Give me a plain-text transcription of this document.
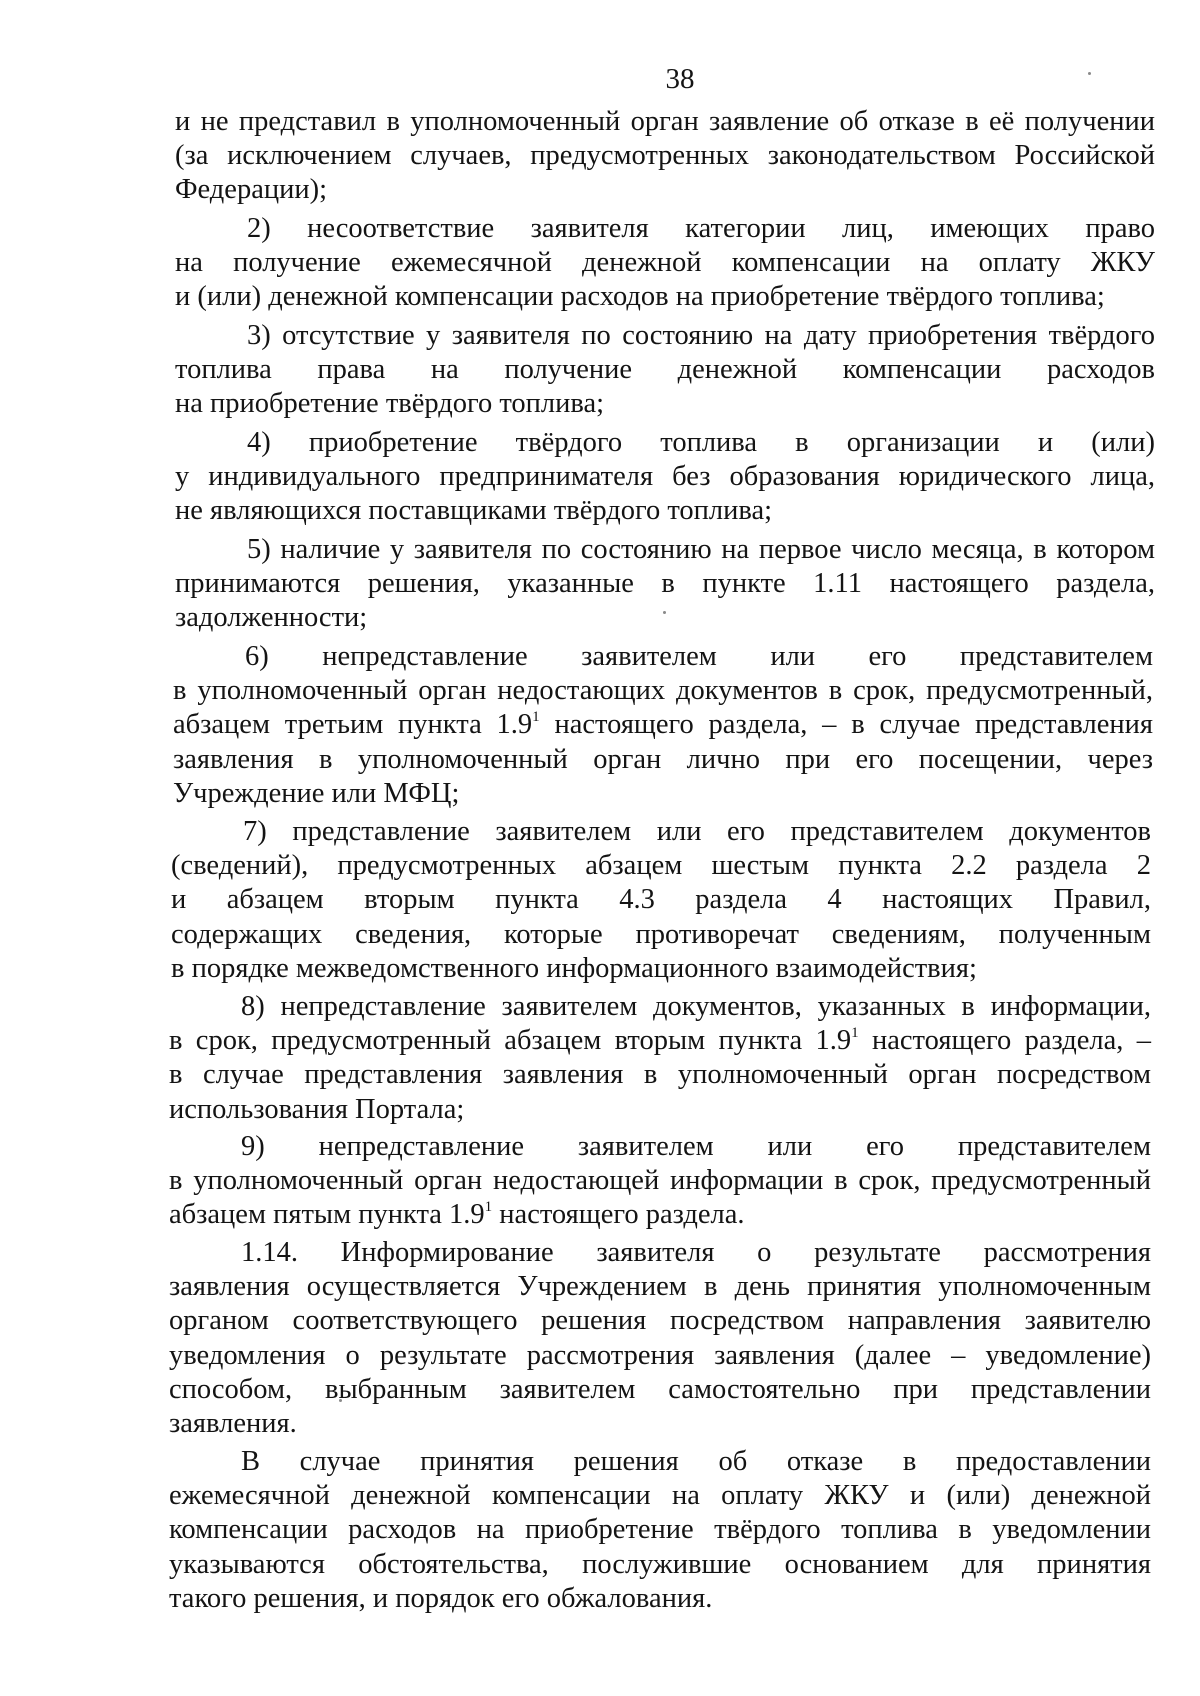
38
и не представил в уполномоченный орган заявление об отказе в её получении
(за исключением случаев, предусмотренных законодательством Российской
Федерации);
2) несоответствие заявителя категории лиц, имеющих право
на получение ежемесячной денежной компенсации на оплату ЖКУ
и (или) денежной компенсации расходов на приобретение твёрдого топлива;
3) отсутствие у заявителя по состоянию на дату приобретения твёрдого
топлива права на получение денежной компенсации расходов
на приобретение твёрдого топлива;
4) приобретение твёрдого топлива в организации и (или)
у индивидуального предпринимателя без образования юридического лица,
не являющихся поставщиками твёрдого топлива;
5) наличие у заявителя по состоянию на первое число месяца, в котором
принимаются решения, указанные в пункте 1.11 настоящего раздела,
задолженности;
6) непредставление заявителем или его представителем
в уполномоченный орган недостающих документов в срок, предусмотренный,
абзацем третьим пункта $1.9^1$ настоящего раздела, – в случае представления
заявления в уполномоченный орган лично при его посещении, через
Учреждение или МФЦ;
7) представление заявителем или его представителем документов
(сведений), предусмотренных абзацем шестым пункта 2.2 раздела 2
и абзацем вторым пункта 4.3 раздела 4 настоящих Правил,
содержащих сведения, которые противоречат сведениям, полученным
в порядке межведомственного информационного взаимодействия;
8) непредставление заявителем документов, указанных в информации,
в срок, предусмотренный абзацем вторым пункта $1.9^1$ настоящего раздела, –
в случае представления заявления в уполномоченный орган посредством
использования Портала;
9) непредставление заявителем или его представителем
в уполномоченный орган недостающей информации в срок, предусмотренный
абзацем пятым пункта $1.9^1$ настоящего раздела.
1.14. Информирование заявителя о результате рассмотрения
заявления осуществляется Учреждением в день принятия уполномоченным
органом соответствующего решения посредством направления заявителю
уведомления о результате рассмотрения заявления (далее – уведомление)
способом, выбранным заявителем самостоятельно при представлении
заявления.
В случае принятия решения об отказе в предоставлении
ежемесячной денежной компенсации на оплату ЖКУ и (или) денежной
компенсации расходов на приобретение твёрдого топлива в уведомлении
указываются обстоятельства, послужившие основанием для принятия
такого решения, и порядок его обжалования.
